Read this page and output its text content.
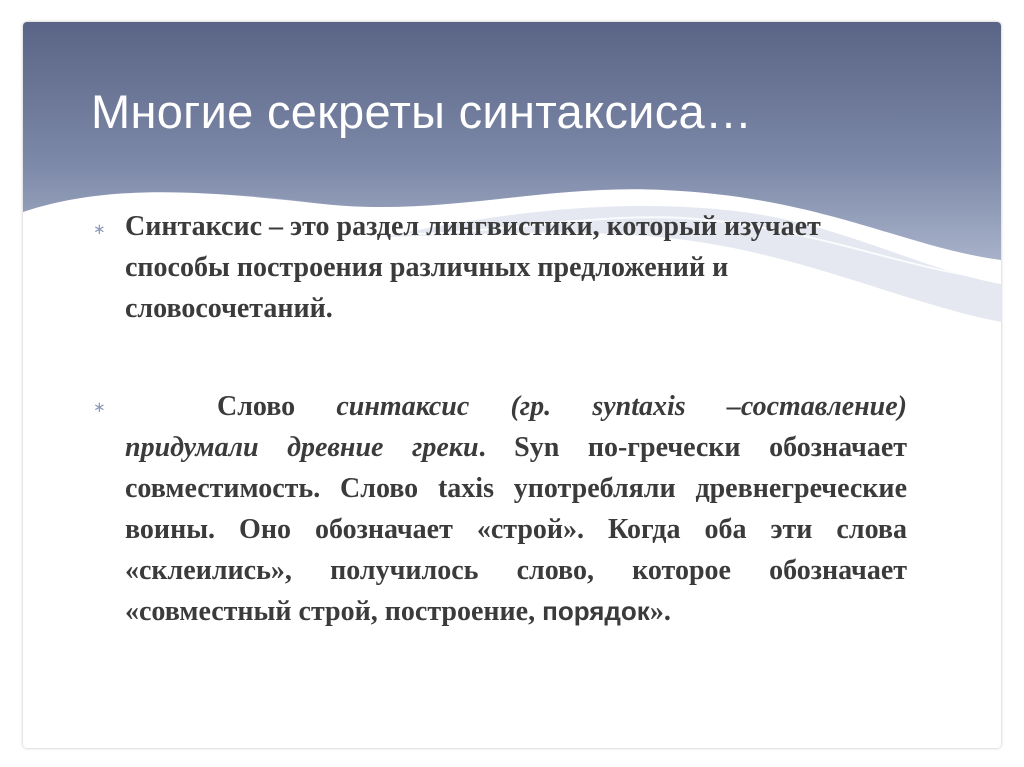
Многие секреты синтаксиса…
∗ Синтаксис – это раздел лингвистики, который изучает способы построения различных предложений и словосочетаний.

∗	Слово синтаксис (гр. syntaxis –составление) придумали древние греки. Syn по-гречески обозначает совместимость. Слово taxis употребляли древнегреческие воины. Оно обозначает «строй». Когда оба эти слова «склеились», получилось слово, которое обозначает «совместный строй, построение, порядок».
